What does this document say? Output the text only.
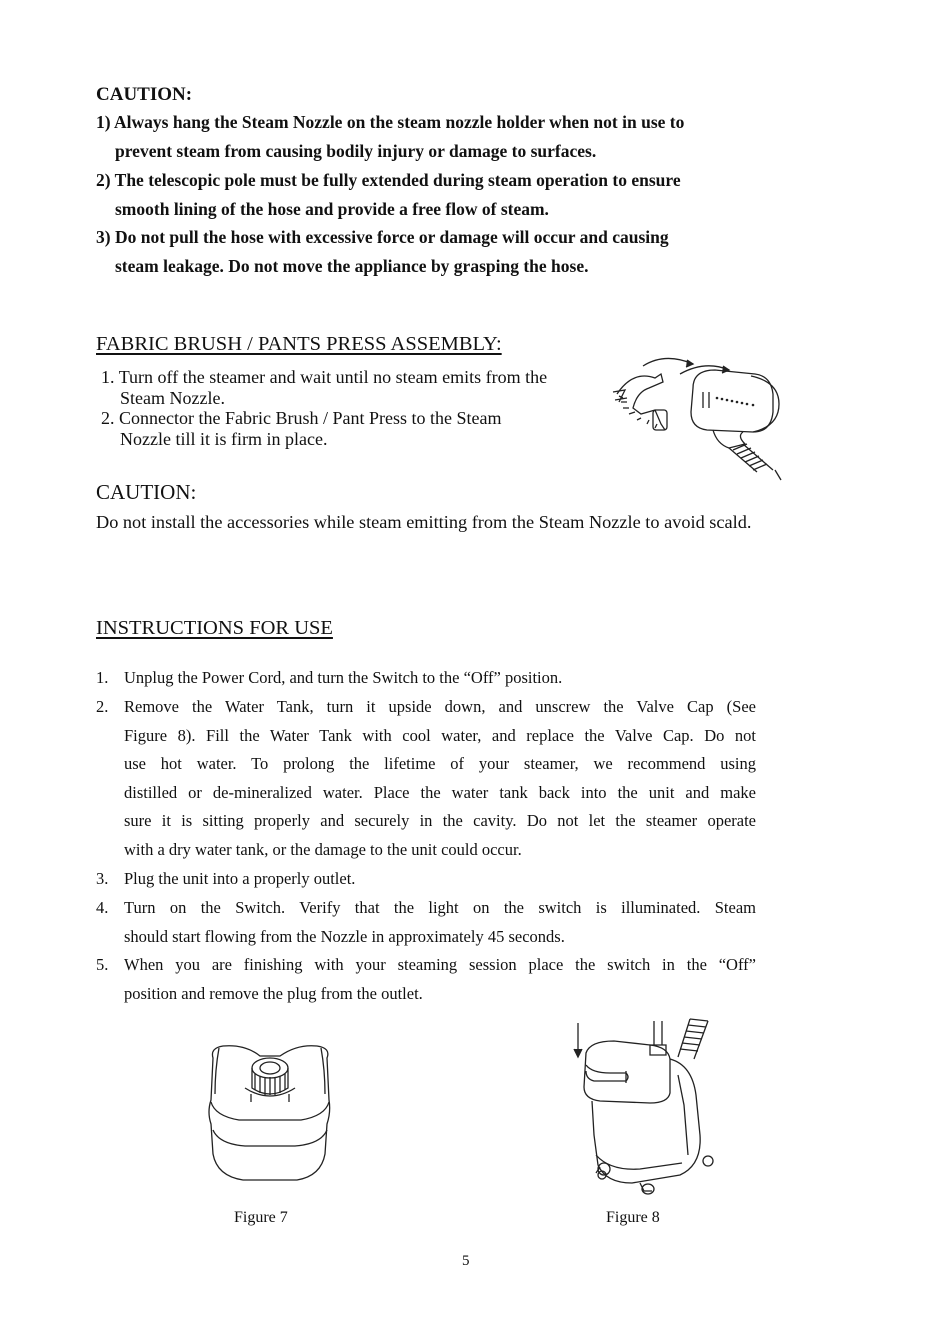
CAUTION:
1) Always hang the Steam Nozzle on the steam nozzle holder when not in use to
prevent steam from causing bodily injury or damage to surfaces.
2) The telescopic pole must be fully extended during steam operation to ensure
smooth lining of the hose and provide a free flow of steam.
3) Do not pull the hose with excessive force or damage will occur and causing
steam leakage. Do not move the appliance by grasping the hose.
FABRIC BRUSH / PANTS PRESS ASSEMBLY:
1. Turn off the steamer and wait until no steam emits from the
Steam Nozzle.
2. Connector the Fabric Brush / Pant Press to the Steam
Nozzle till it is firm in place.
CAUTION:
Do not install the accessories while steam emitting from the Steam Nozzle to avoid scald.
INSTRUCTIONS FOR USE
1. Unplug the Power Cord, and turn the Switch to the “Off” position.
2. Remove the Water Tank, turn it upside down, and unscrew the Valve Cap (See
Figure 8). Fill the Water Tank with cool water, and replace the Valve Cap. Do not
use hot water. To prolong the lifetime of your steamer, we recommend using
distilled or de-mineralized water. Place the water tank back into the unit and make
sure it is sitting properly and securely in the cavity. Do not let the steamer operate
with a dry water tank, or the damage to the unit could occur.
3. Plug the unit into a properly outlet.
4. Turn on the Switch. Verify that the light on the switch is illuminated. Steam
should start flowing from the Nozzle in approximately 45 seconds.
5. When you are finishing with your steaming session place the switch in the “Off”
position and remove the plug from the outlet.
Figure 7	Figure 8
5
